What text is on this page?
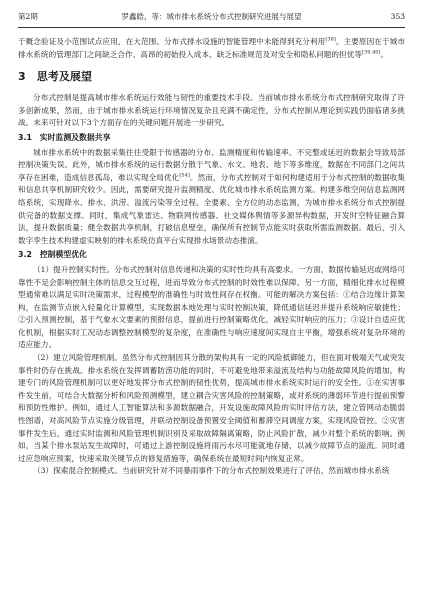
第2期	罗鑫皓，等：城市排水系统分布式控制研究进展与展望	353

于概念验证及小范围试点应用，在大范围、分布式排水设施的智能管理中未能得到充分利用[38]。主要原因在于城市排水系统的管理部门之间缺乏合作、高昂的初始投入成本、缺乏标准规范及对安全和隐私问题的担忧等[39,40]。

3　思考及展望

分布式控制是提高城市排水系统运行效能与韧性的重要技术手段。当前城市排水系统分布式控制研究取得了许多创新成果，然而，由于城市排水系统运行环境情况复杂且充满不确定性，分布式控制从理论到实践仍面临诸多挑战。未来可针对以下3个方面存在的关键问题开展进一步研究。

3.1　实时监测及数据共享

城市排水系统中的数据采集往往受限于传感器的分布、监测精度和传输速率。不完整或延迟的数据会导致局部控制决策失误。此外，城市排水系统的运行数据分散于气象、水文、地表、地下等多维度，数据在不同部门之间共享存在困难，造成信息孤岛，难以实现全局优化[54]。然而，分布式控制对于如何构建适用于分布式控制的数据收集和信息共享机制研究较少。因此，需要研究提升监测精度、优化城市排水系统监测方案。构建多维空间信息监测网络系统，实现降水、排水、洪涝、溢流污染等全过程、全要素、全方位的动态监测，为城市排水系统分布式控制提供完备的数据支撑。同时，集成气象雷达、物联网传感器、社交媒体舆情等多源异构数据，开发时空特征融合算法，提升数据质量；健全数据共享机制，打破信息壁垒，确保所有控制节点能实时获取所需监测数据。最后，引入数字孪生技术构建虚实映射的排水系统仿真平台实现排水场景动态推演。

3.2　控制模型优化

（1）提升控制实时性。分布式控制对信息传递和决策的实时性均具有高要求。一方面，数据传输延迟或网络可靠性不足会影响控制主体的信息交互过程，进而导致分布式控制的时效性难以保障。另一方面，精细化排水过程模型通常难以满足实时决策需求，过程模型的准确性与时效性间存在权衡。可能的解决方案包括：①结合边缘计算架构，在监测节点嵌入轻量化计算模型，实现数据本地处理与实时控制决策，降低通信延迟并提升系统响应敏捷性；②引入预测控制，基于气象水文要素的预报信息，提前进行控制策略优化，减轻实时响应的压力；③设计自适应优化机制，根据实时工况动态调整控制模型的复杂度，在准确性与响应速度间实现自主平衡，增强系统对复杂环境的适应能力。

（2）建立风险管理机制。虽然分布式控制因其分散的架构具有一定的风险抵御能力，但在面对极端天气或突发事件时仍存在挑战。排水系统在发挥调蓄防涝功能的同时，不可避免地带来溢流及结构与功能故障风险的增加。构建专门的风险管理机制可以更好地发挥分布式控制的韧性优势，提高城市排水系统实时运行的安全性。①在实害事件发生前，可结合大数据分析和风险预测模型，建立耦合灾害风险的控制策略，或对系统的薄弱环节进行提前预警和预防性维护。例如，通过人工智能算法和多源数据融合，开发设施故障风险的实时评估方法，建立管网动态脆弱性图谱，对高风险节点实施分级管理，并联动控制设备预置安全阈值和蓄滞空间调度方案，实现风险管控。②灾害事件发生后，通过实时监测和风险管理机制识别及采取故障隔离策略，防止风险扩散，减少对整个系统的影响。例如，当某个排水泵站发生故障时，可通过上游控制设施将雨污水尽可能就地存储，以减少故障节点的溢流。同时通过应急响应预案，快速采取关键节点的修复措施等，确保系统在最短时间内恢复正常。

（3）探索混合控制模式。当前研究针对不同暴雨事件下的分布式控制效果进行了评估，然而城市排水系统
